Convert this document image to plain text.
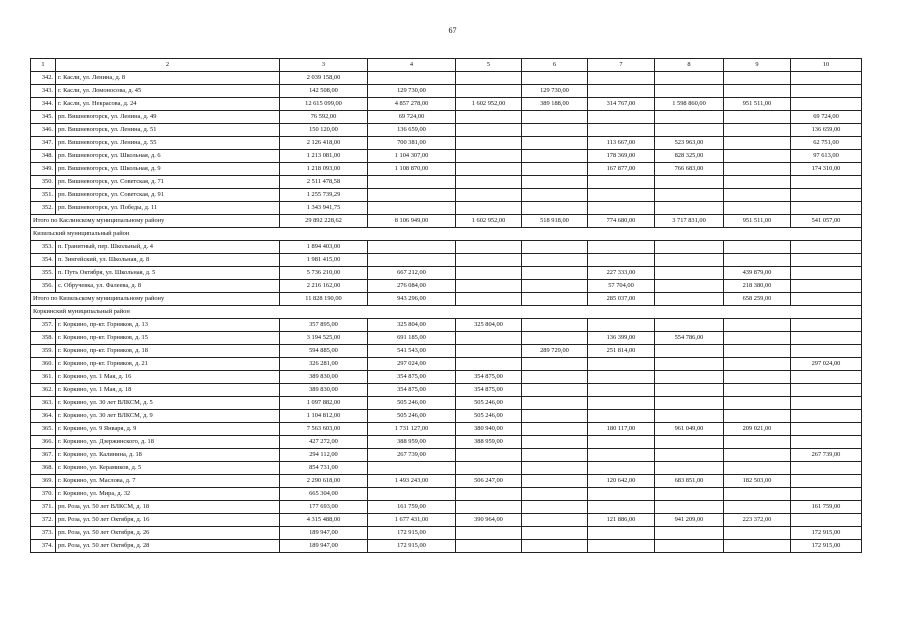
67
1	2	3	4	5	6	7	8	9	10
342.	г. Касли, ул. Ленина, д. 8	2 039 158,00							
343.	г. Касли, ул. Ломоносова, д. 45	142 508,00	129 730,00		129 730,00				
344.	г. Касли, ул. Некрасова, д. 24	12 615 099,00	4 857 278,00	1 602 952,00	389 188,00	314 767,00	1 598 860,00	951 511,00	
345.	рп. Вишневогорск, ул. Ленина, д. 49	76 592,00	69 724,00						69 724,00
346.	рп. Вишневогорск, ул. Ленина, д. 51	150 120,00	136 659,00						136 659,00
347.	рп. Вишневогорск, ул. Ленина, д. 55	2 126 418,00	700 381,00			113 667,00	523 963,00		62 751,00
348.	рп. Вишневогорск, ул. Школьная, д. 6	1 213 081,00	1 104 307,00			178 369,00	828 325,00		97 613,00
349.	рп. Вишневогорск, ул. Школьная, д. 9	1 218 093,00	1 108 870,00			167 877,00	766 683,00		174 310,00
350.	рп. Вишневогорск, ул. Советская, д. 71	2 511 478,58							
351.	рп. Вишневогорск, ул. Советская, д. 91	1 255 739,29							
352.	рп. Вишневогорск, ул. Победы, д. 11	1 343 941,75							
Итого по Каслинскому муниципальному району		29 892 228,62	8 106 949,00	1 602 952,00	518 918,00	774 680,00	3 717 831,00	951 511,00	541 057,00
Кизильский муниципальный район									
353.	п. Гранитный, пер. Школьный, д. 4	1 894 403,00							
354.	п. Зингейский, ул. Школьная, д. 8	1 981 415,00							
355.	п. Путь Октября, ул. Школьная, д. 5	5 736 210,00	667 212,00			227 333,00		439 879,00	
356.	с. Обручевка, ул. Фалеева, д. 8	2 216 162,00	276 084,00			57 704,00		218 380,00	
Итого по Кизильскому муниципальному району		11 828 190,00	943 296,00			285 037,00		658 259,00	
Коркинский муниципальный район									
357.	г. Коркино, пр-кт. Горняков, д. 13	357 895,00	325 804,00	325 804,00					
358.	г. Коркино, пр-кт. Горняков, д. 15	3 194 525,00	691 185,00			136 399,00	554 786,00		
359.	г. Коркино, пр-кт. Горняков, д. 18	594 885,00	541 543,00		289 729,00	251 814,00			
360.	г. Коркино, пр-кт. Горняков, д. 21	326 281,00	297 024,00						297 024,00
361.	г. Коркино, ул. 1 Мая, д. 16	389 830,00	354 875,00	354 875,00					
362.	г. Коркино, ул. 1 Мая, д. 18	389 830,00	354 875,00	354 875,00					
363.	г. Коркино, ул. 30 лет ВЛКСМ, д. 5	1 097 882,00	505 246,00	505 246,00					
364.	г. Коркино, ул. 30 лет ВЛКСМ, д. 9	1 104 812,00	505 246,00	505 246,00					
365.	г. Коркино, ул. 9 Января, д. 9	7 563 603,00	1 731 127,00	380 940,00		180 117,00	961 049,00	209 021,00	
366.	г. Коркино, ул. Дзержинского, д. 18	427 272,00	388 959,00	388 959,00					
367.	г. Коркино, ул. Калинина, д. 18	294 112,00	267 739,00						267 739,00
368.	г. Коркино, ул. Керамиков, д. 5	854 731,00							
369.	г. Коркино, ул. Маслова, д. 7	2 290 618,00	1 493 243,00	506 247,00		120 642,00	683 851,00	182 503,00	
370.	г. Коркино, ул. Мира, д. 32	665 304,00							
371.	рп. Роза, ул. 50 лет ВЛКСМ, д. 18	177 693,00	161 759,00						161 759,00
372.	рп. Роза, ул. 50 лет Октября, д. 16	4 315 488,00	1 677 431,00	390 964,00		121 886,00	941 209,00	223 372,00	
373.	рп. Роза, ул. 50 лет Октября, д. 26	189 947,00	172 915,00						172 915,00
374.	рп. Роза, ул. 50 лет Октября, д. 28	189 947,00	172 915,00						172 915,00
